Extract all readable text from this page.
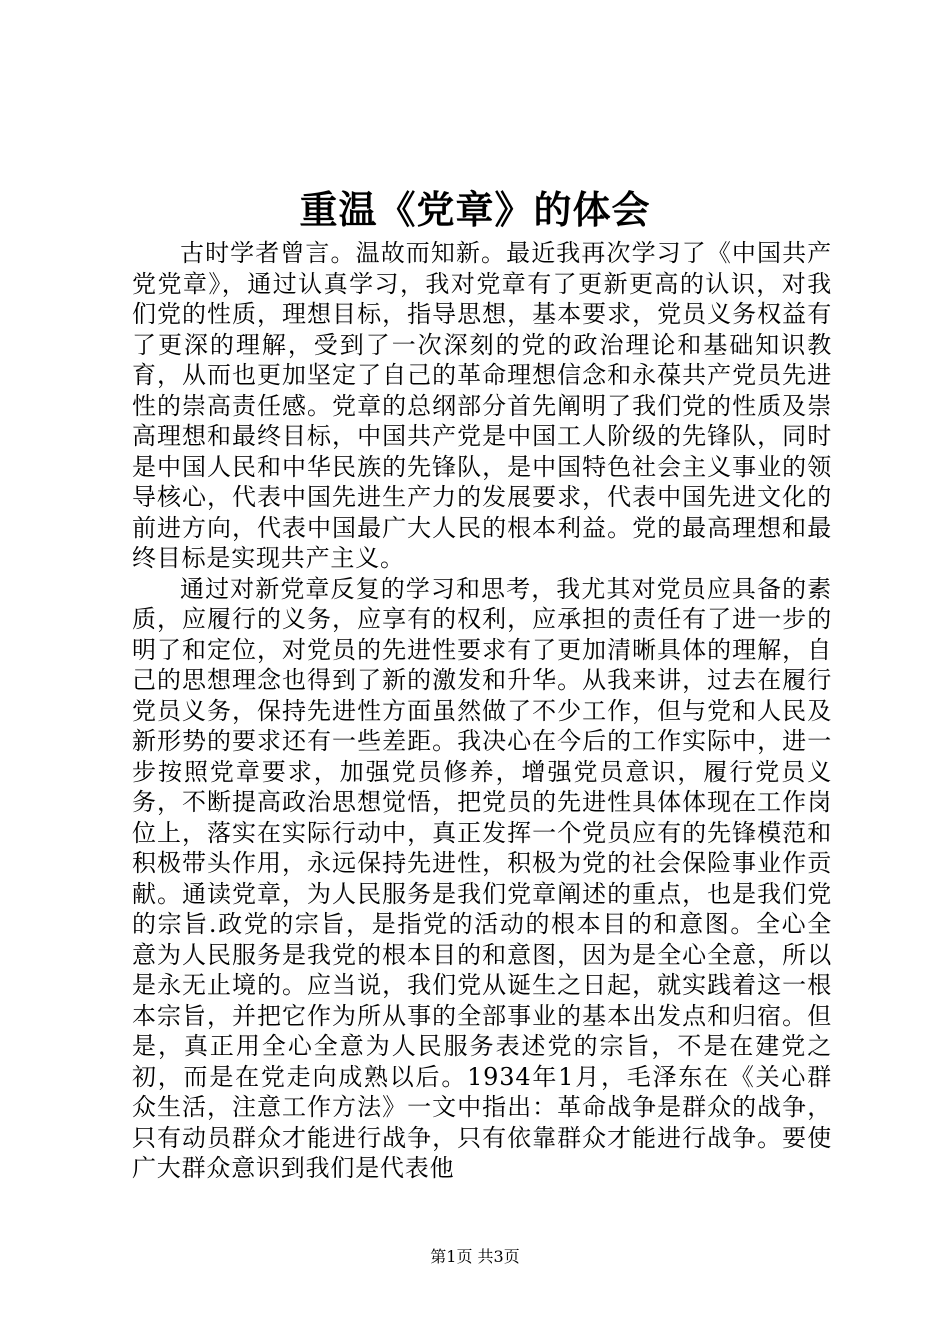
重温《党章》的体会

古时学者曾言。温故而知新。最近我再次学习了《中国共产党党章》，通过认真学习，我对党章有了更新更高的认识，对我们党的性质，理想目标，指导思想，基本要求，党员义务权益有了更深的理解，受到了一次深刻的党的政治理论和基础知识教育，从而也更加坚定了自己的革命理想信念和永葆共产党员先进性的崇高责任感。党章的总纲部分首先阐明了我们党的性质及崇高理想和最终目标，中国共产党是中国工人阶级的先锋队，同时是中国人民和中华民族的先锋队，是中国特色社会主义事业的领导核心，代表中国先进生产力的发展要求，代表中国先进文化的前进方向，代表中国最广大人民的根本利益。党的最高理想和最终目标是实现共产主义。

通过对新党章反复的学习和思考，我尤其对党员应具备的素质，应履行的义务，应享有的权利，应承担的责任有了进一步的明了和定位，对党员的先进性要求有了更加清晰具体的理解，自己的思想理念也得到了新的激发和升华。从我来讲，过去在履行党员义务，保持先进性方面虽然做了不少工作，但与党和人民及新形势的要求还有一些差距。我决心在今后的工作实际中，进一步按照党章要求，加强党员修养，增强党员意识，履行党员义务，不断提高政治思想觉悟，把党员的先进性具体体现在工作岗位上，落实在实际行动中，真正发挥一个党员应有的先锋模范和积极带头作用，永远保持先进性，积极为党的社会保险事业作贡献。通读党章，为人民服务是我们党章阐述的重点，也是我们党的宗旨.政党的宗旨，是指党的活动的根本目的和意图。全心全意为人民服务是我党的根本目的和意图，因为是全心全意，所以是永无止境的。应当说，我们党从诞生之日起，就实践着这一根本宗旨，并把它作为所从事的全部事业的基本出发点和归宿。但是，真正用全心全意为人民服务表述党的宗旨，不是在建党之初，而是在党走向成熟以后。1934年1月，毛泽东在《关心群众生活，注意工作方法》一文中指出：革命战争是群众的战争，只有动员群众才能进行战争，只有依靠群众才能进行战争。要使广大群众意识到我们是代表他

第1页 共3页
